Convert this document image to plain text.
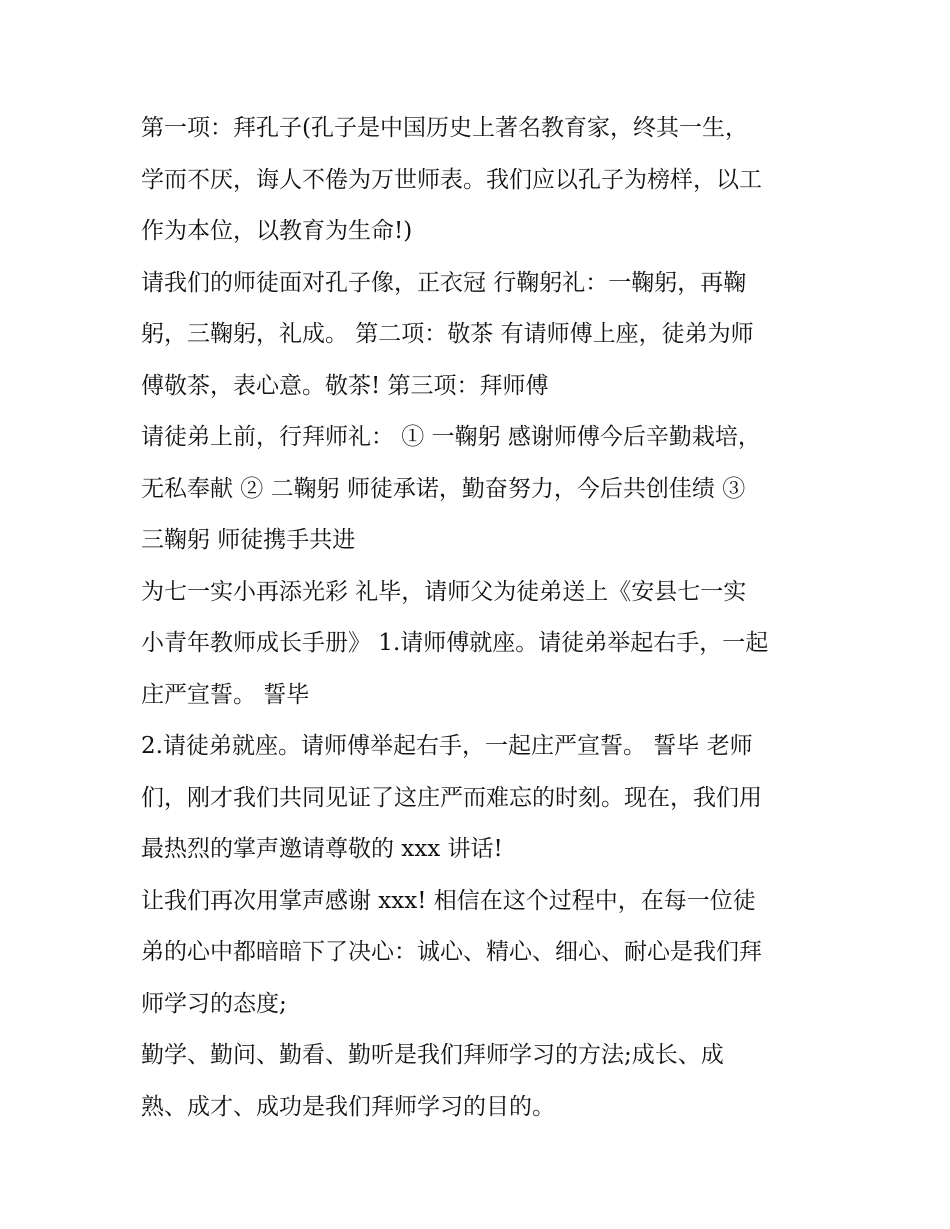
第一项：拜孔子(孔子是中国历史上著名教育家，终其一生，
学而不厌，诲人不倦为万世师表。我们应以孔子为榜样，以工
作为本位，以教育为生命!)

请我们的师徒面对孔子像，正衣冠 行鞠躬礼：一鞠躬，再鞠
躬，三鞠躬，礼成。 第二项：敬茶 有请师傅上座，徒弟为师
傅敬茶，表心意。敬茶! 第三项：拜师傅

请徒弟上前，行拜师礼： ① 一鞠躬 感谢师傅今后辛勤栽培，
无私奉献 ② 二鞠躬 师徒承诺，勤奋努力，今后共创佳绩 ③
三鞠躬 师徒携手共进

为七一实小再添光彩 礼毕，请师父为徒弟送上《安县七一实
小青年教师成长手册》 1.请师傅就座。请徒弟举起右手，一起
庄严宣誓。 誓毕

2.请徒弟就座。请师傅举起右手，一起庄严宣誓。 誓毕 老师
们，刚才我们共同见证了这庄严而难忘的时刻。现在，我们用
最热烈的掌声邀请尊敬的 xxx 讲话!

让我们再次用掌声感谢 xxx! 相信在这个过程中，在每一位徒
弟的心中都暗暗下了决心：诚心、精心、细心、耐心是我们拜
师学习的态度;

勤学、勤问、勤看、勤听是我们拜师学习的方法;成长、成
熟、成才、成功是我们拜师学习的目的。
